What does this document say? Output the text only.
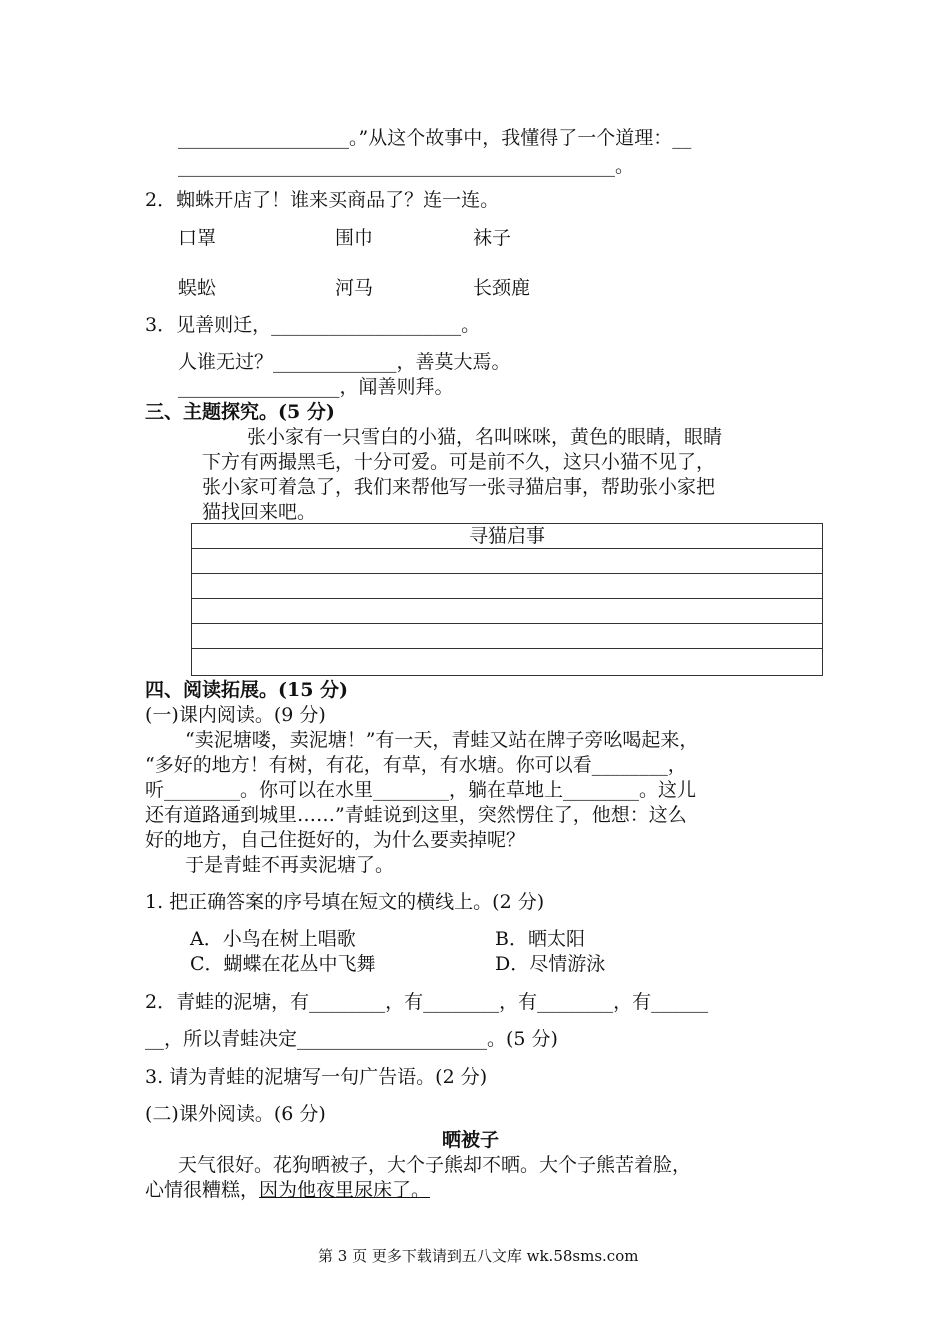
__________________。”从这个故事中，我懂得了一个道理：__
______________________________________________。
2．蜘蛛开店了！谁来买商品了？连一连。
口罩	围巾	袜子
蜈蚣	河马	长颈鹿
3．见善则迁，____________________。
人谁无过？_____________，善莫大焉。
_________________，闻善则拜。
三、主题探究。(5 分)
张小家有一只雪白的小猫，名叫咪咪，黄色的眼睛，眼睛
下方有两撮黑毛，十分可爱。可是前不久，这只小猫不见了，
张小家可着急了，我们来帮他写一张寻猫启事，帮助张小家把
猫找回来吧。
寻猫启事
四、阅读拓展。(15 分)
(一)课内阅读。(9 分)
“卖泥塘喽，卖泥塘！”有一天，青蛙又站在牌子旁吆喝起来，
“多好的地方！有树，有花，有草，有水塘。你可以看________，
听________。你可以在水里________，躺在草地上________。这儿
还有道路通到城里……”青蛙说到这里，突然愣住了，他想：这么
好的地方，自己住挺好的，为什么要卖掉呢？
于是青蛙不再卖泥塘了。
1. 把正确答案的序号填在短文的横线上。(2 分)
A．小鸟在树上唱歌	B．晒太阳
C．蝴蝶在花丛中飞舞	D．尽情游泳
2．青蛙的泥塘，有________，有________，有________，有______
__，所以青蛙决定____________________。(5 分)
3. 请为青蛙的泥塘写一句广告语。(2 分)
(二)课外阅读。(6 分)
晒被子
天气很好。花狗晒被子，大个子熊却不晒。大个子熊苦着脸，
心情很糟糕，因为他夜里尿床了。
第 3 页 更多下载请到五八文库 wk.58sms.com
